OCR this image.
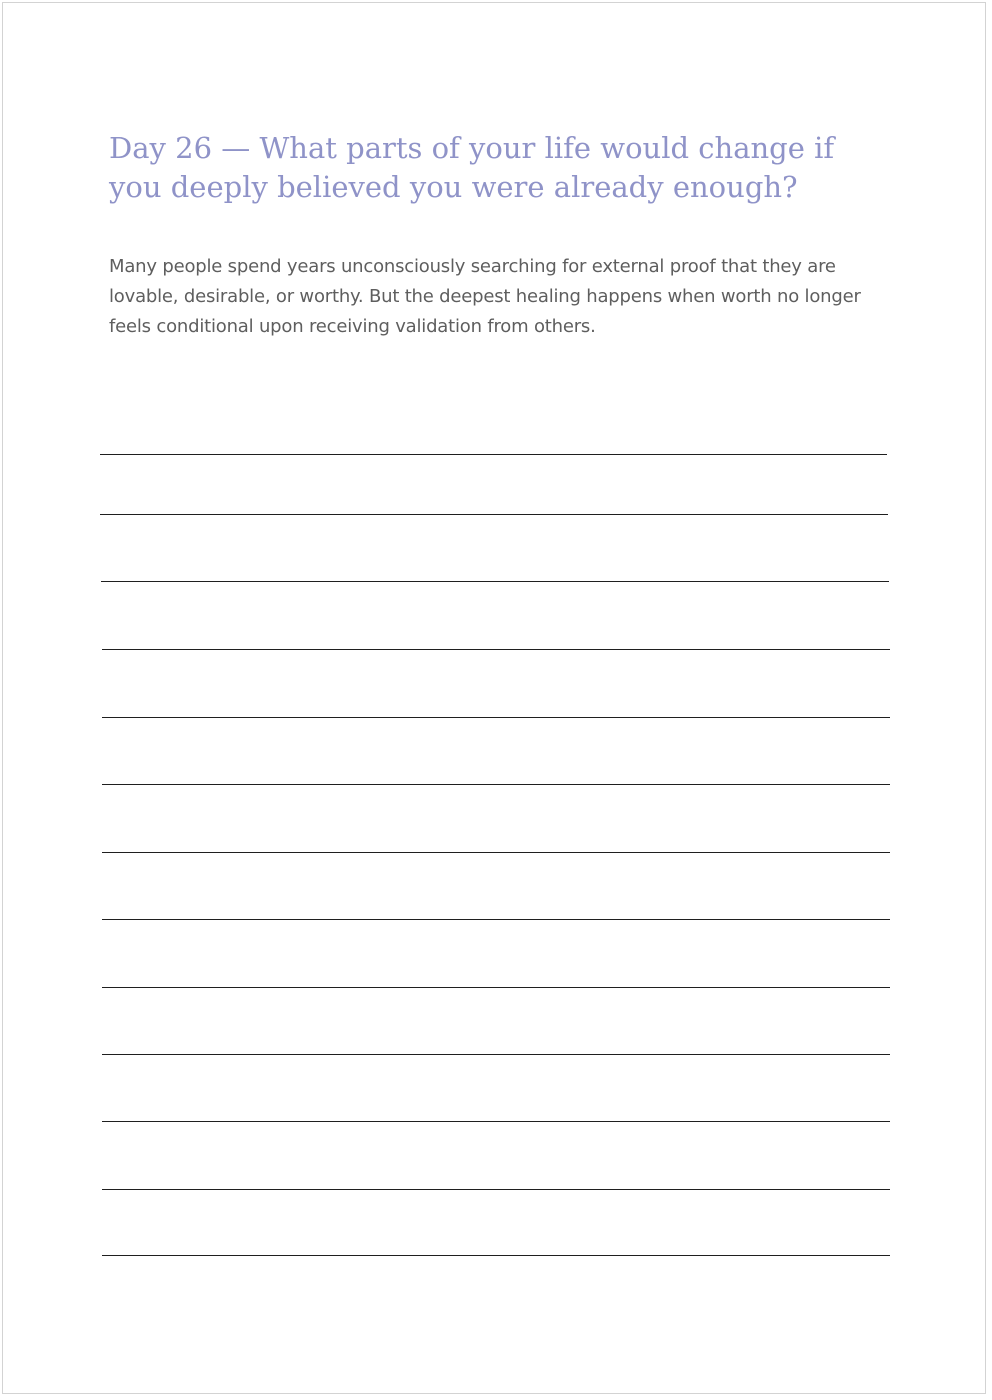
Day 26 — What parts of your life would change if you deeply believed you were already enough?

Many people spend years unconsciously searching for external proof that they are lovable, desirable, or worthy. But the deepest healing happens when worth no longer feels conditional upon receiving validation from others.
